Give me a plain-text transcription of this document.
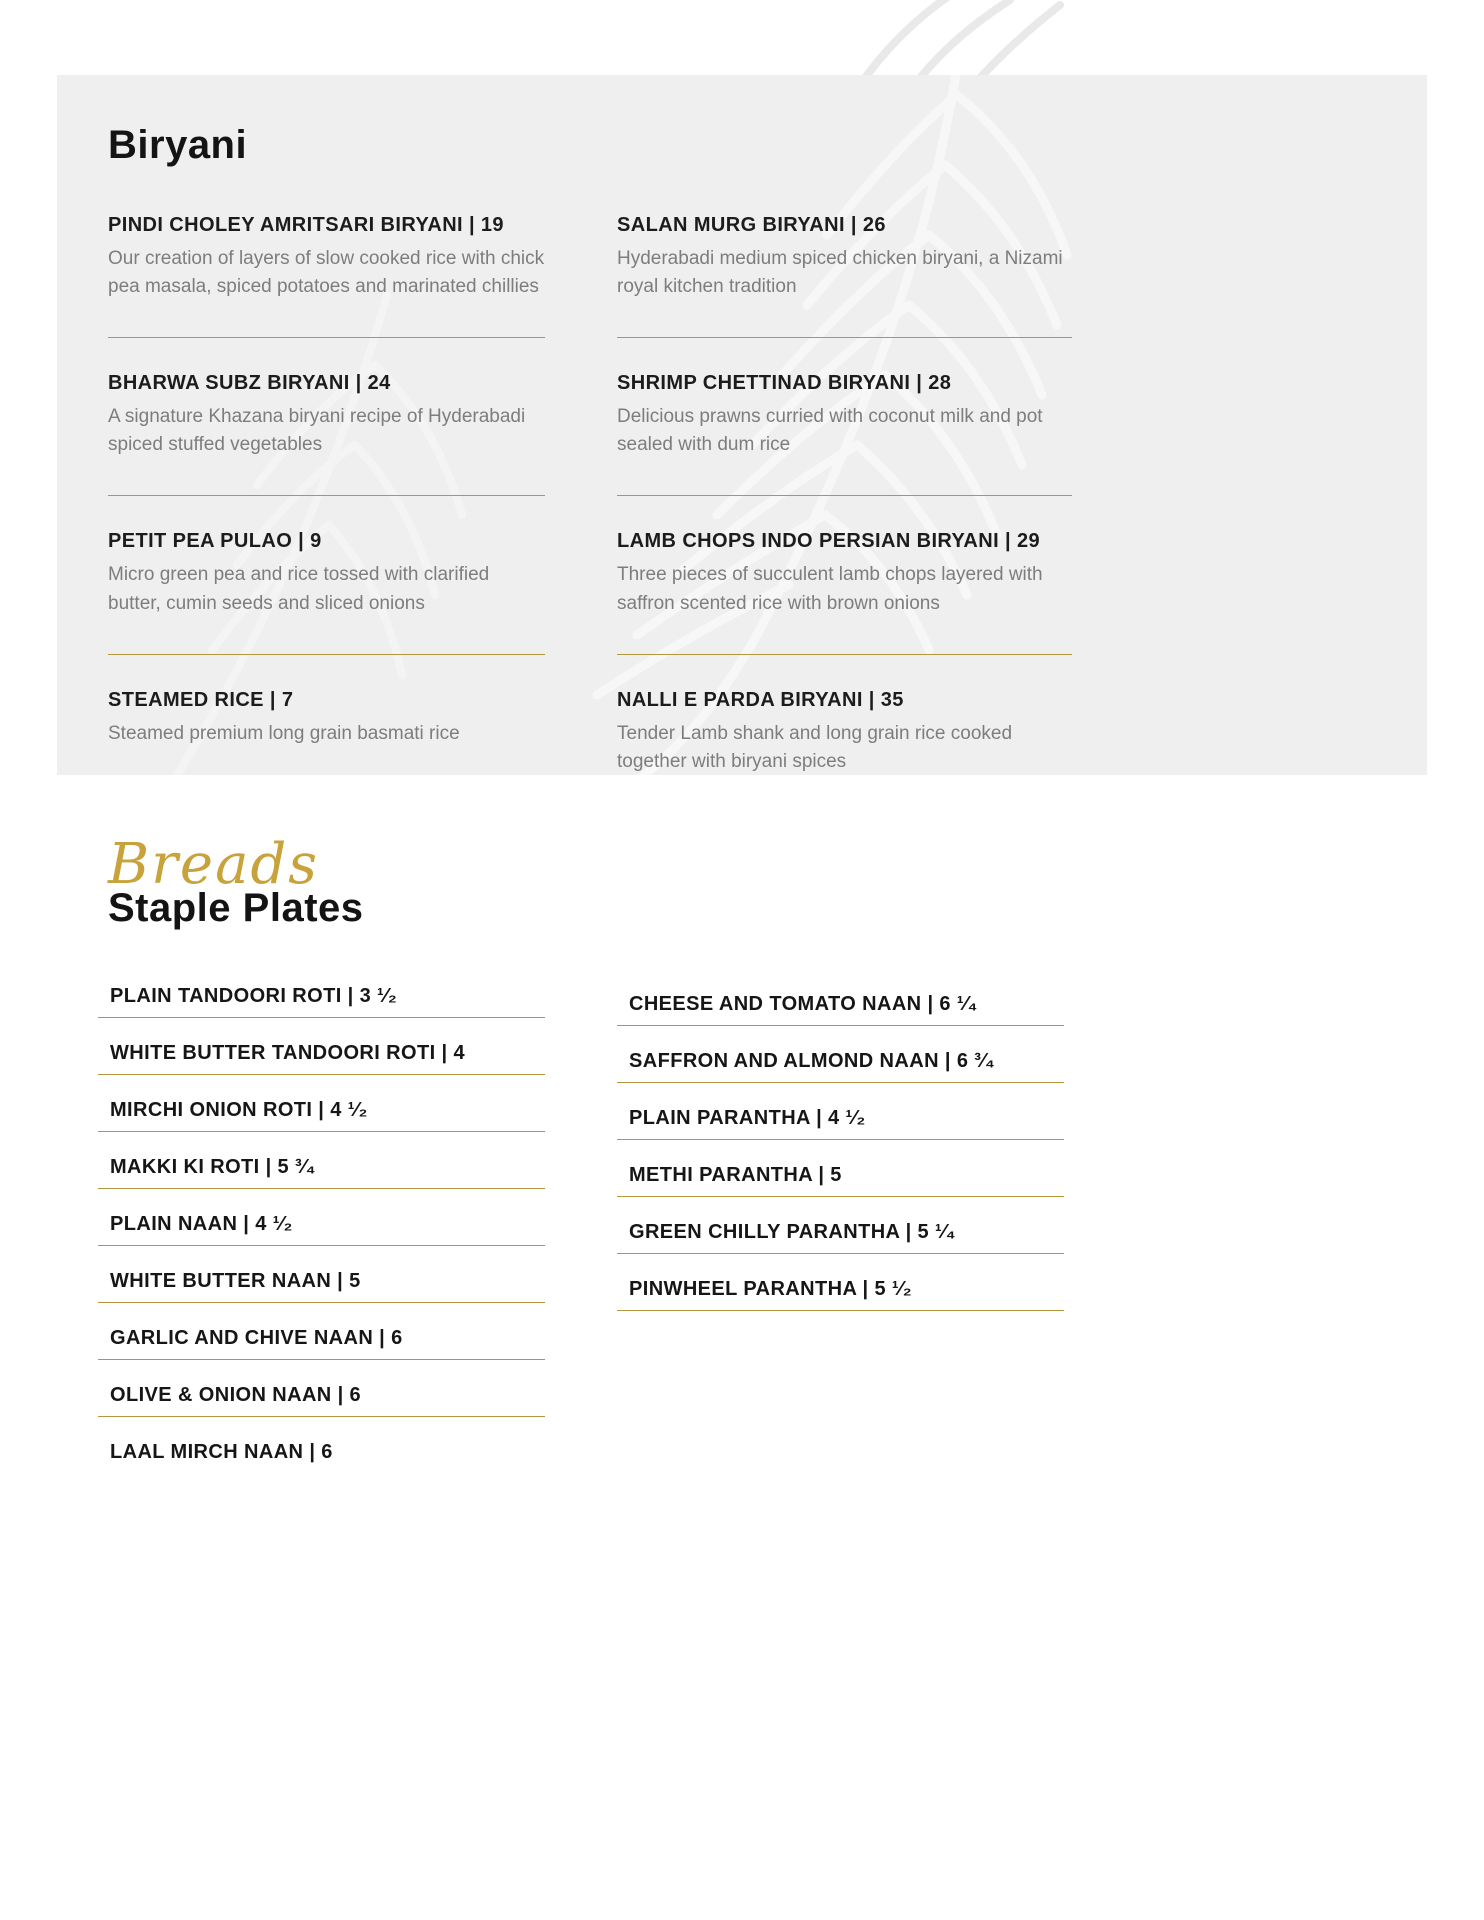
Biryani
PINDI CHOLEY AMRITSARI BIRYANI | 19
Our creation of layers of slow cooked rice with chick pea masala, spiced potatoes and marinated chillies
BHARWA SUBZ BIRYANI | 24
A signature Khazana biryani recipe of Hyderabadi spiced stuffed vegetables
PETIT PEA PULAO | 9
Micro green pea and rice tossed with clarified butter, cumin seeds and sliced onions
STEAMED RICE | 7
Steamed premium long grain basmati rice
SALAN MURG BIRYANI | 26
Hyderabadi medium spiced chicken biryani, a Nizami royal kitchen tradition
SHRIMP CHETTINAD BIRYANI | 28
Delicious prawns curried with coconut milk and pot sealed with dum rice
LAMB CHOPS INDO PERSIAN BIRYANI | 29
Three pieces of succulent lamb chops layered with saffron scented rice with brown onions
NALLI E PARDA BIRYANI | 35
Tender Lamb shank and long grain rice cooked together with biryani spices
Breads
Staple Plates
PLAIN TANDOORI ROTI | 3 ¹⁄₂
WHITE BUTTER TANDOORI ROTI | 4
MIRCHI ONION ROTI | 4 ¹⁄₂
MAKKI KI ROTI | 5 ³⁄₄
PLAIN NAAN | 4 ¹⁄₂
WHITE BUTTER NAAN | 5
GARLIC AND CHIVE NAAN | 6
OLIVE & ONION NAAN | 6
LAAL MIRCH NAAN | 6
CHEESE AND TOMATO NAAN | 6 ¹⁄₄
SAFFRON AND ALMOND NAAN | 6 ³⁄₄
PLAIN PARANTHA | 4 ¹⁄₂
METHI PARANTHA | 5
GREEN CHILLY PARANTHA | 5 ¹⁄₄
PINWHEEL PARANTHA | 5 ¹⁄₂
